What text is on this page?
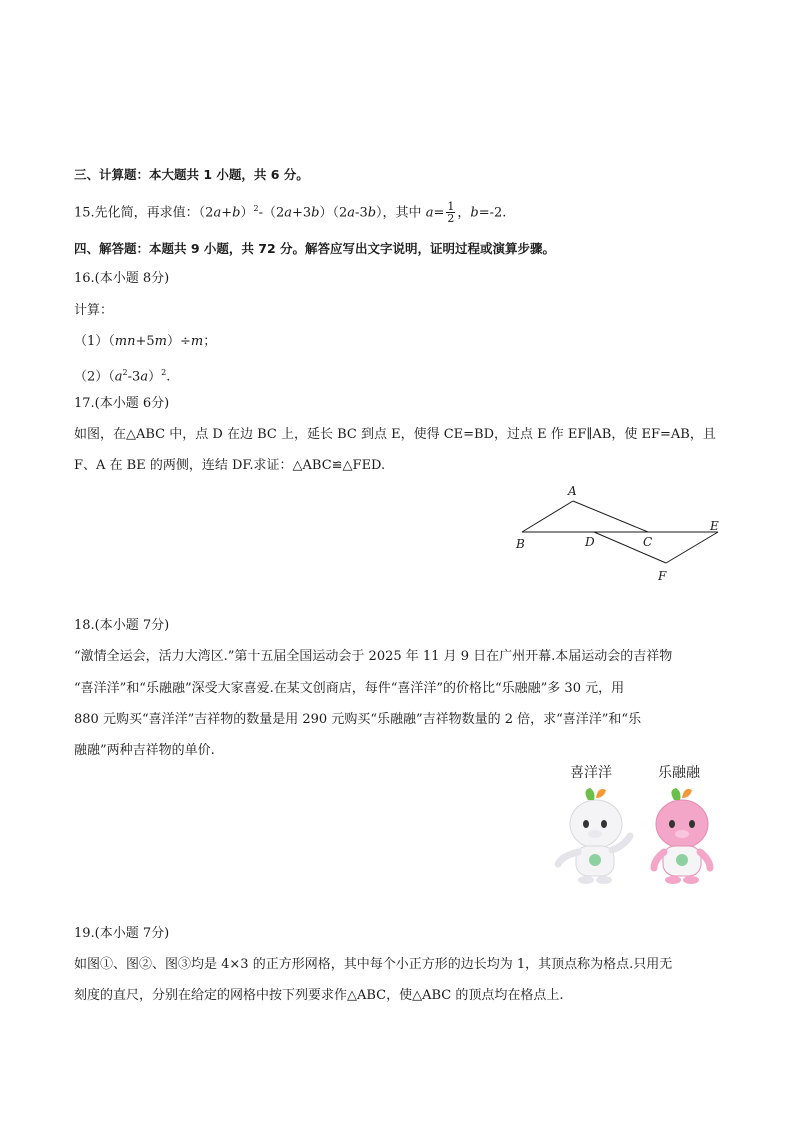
三、计算题：本大题共 1 小题，共 6 分。
15.先化简，再求值：$(2a+b)^2-(2a+3b)(2a-3b)$，其中 $a= \frac{1}{2}$ ，b=-2.
四、解答题：本题共 9 小题，共 72 分。解答应写出文字说明，证明过程或演算步骤。
16.(本小题 8分)
计算：
（1）（mn+5m）÷m；
$(2)(a^2-3a)^2$.
17.(本小题 6分)
如图，在△ABC 中，点 D 在边 BC 上，延长 BC 到点 E，使得 CE=BD，过点 E 作 EF∥AB，使 EF=AB，且
F、A 在 BE 的两侧，连结 DF.求证：△ABC≌△FED.
A
B	D	C
E
F
18.(本小题 7分)
“激情全运会，活力大湾区.”第十五届全国运动会于 2025 年 11 月 9 日在广州开幕.本届运动会的吉祥物
“喜洋洋”和“乐融融”深受大家喜爱.在某文创商店，每件“喜洋洋”的价格比“乐融融”多 30 元，用
880 元购买“喜洋洋”吉祥物的数量是用 290 元购买“乐融融”吉祥物数量的 2 倍，求“喜洋洋”和“乐
融融”两种吉祥物的单价.
喜洋洋	乐融融
19.(本小题 7分)
如图①、图②、图③均是 4×3 的正方形网格，其中每个小正方形的边长均为 1，其顶点称为格点.只用无
刻度的直尺，分别在给定的网格中按下列要求作△ABC，使△ABC 的顶点均在格点上.
